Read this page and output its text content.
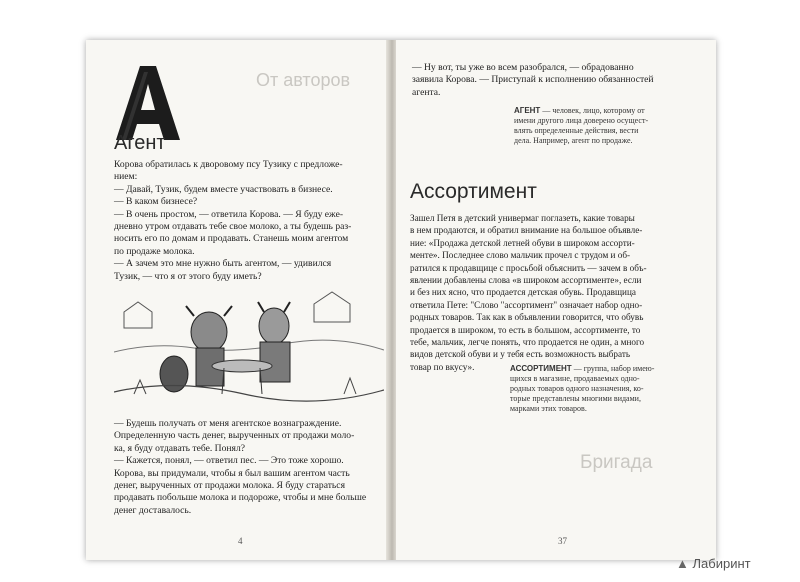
От авторов
Агент

Корова обратилась к дворовому псу Тузику с предложе-

нием:

— Давай, Тузик, будем вместе участвовать в бизнесе.

— В каком бизнесе?

— В очень простом, — ответила Корова. — Я буду еже-

дневно утром отдавать тебе свое молоко, а ты будешь раз-

носить его по домам и продавать. Станешь моим агентом

по продаже молока.

— А зачем это мне нужно быть агентом, — удивился

Тузик, — что я от этого буду иметь?

— Будешь получать от меня агентское вознаграждение.

Определенную часть денег, вырученных от продажи моло-

ка, я буду отдавать тебе. Понял?

— Кажется, понял, — ответил пес. — Это тоже хорошо.

Корова, вы придумали, чтобы я был вашим агентом часть

денег, вырученных от продажи молока. Я буду стараться

продавать побольше молока и подороже, чтобы и мне больше

денег доставалось.

4

— Ну вот, ты уже во всем разобрался, — обрадованно

заявила Корова. — Приступай к исполнению обязанностей

агента.

АГЕНТ — человек, лицо, которому от

имени другого лица доверено осущест-

влять определенные действия, вести

дела. Например, агент по продаже.

Ассортимент

Зашел Петя в детский универмаг поглазеть, какие товары

в нем продаются, и обратил внимание на большое объявле-

ние: «Продажа детской летней обуви в широком ассорти-

менте». Последнее слово мальчик прочел с трудом и об-

ратился к продавщице с просьбой объяснить — зачем в объ-

явлении добавлены слова «в широком ассортименте», если

и без них ясно, что продается детская обувь. Продавщица

ответила Пете: "Слово "ассортимент" означает набор одно-

родных товаров. Так как в объявлении говорится, что обувь

продается в широком, то есть в большом, ассортименте, то

тебе, мальчик, легче понять, что продается не один, а много

видов детской обуви и у тебя есть возможность выбрать

товар по вкусу».	АССОРТИМЕНТ — группа, набор имею-

щихся в магазине, продаваемых одно-

родных товаров одного назначения, ко-

торые представлены многими видами,

марками этих товаров.

Бригада
37
▲ Лабиринт
